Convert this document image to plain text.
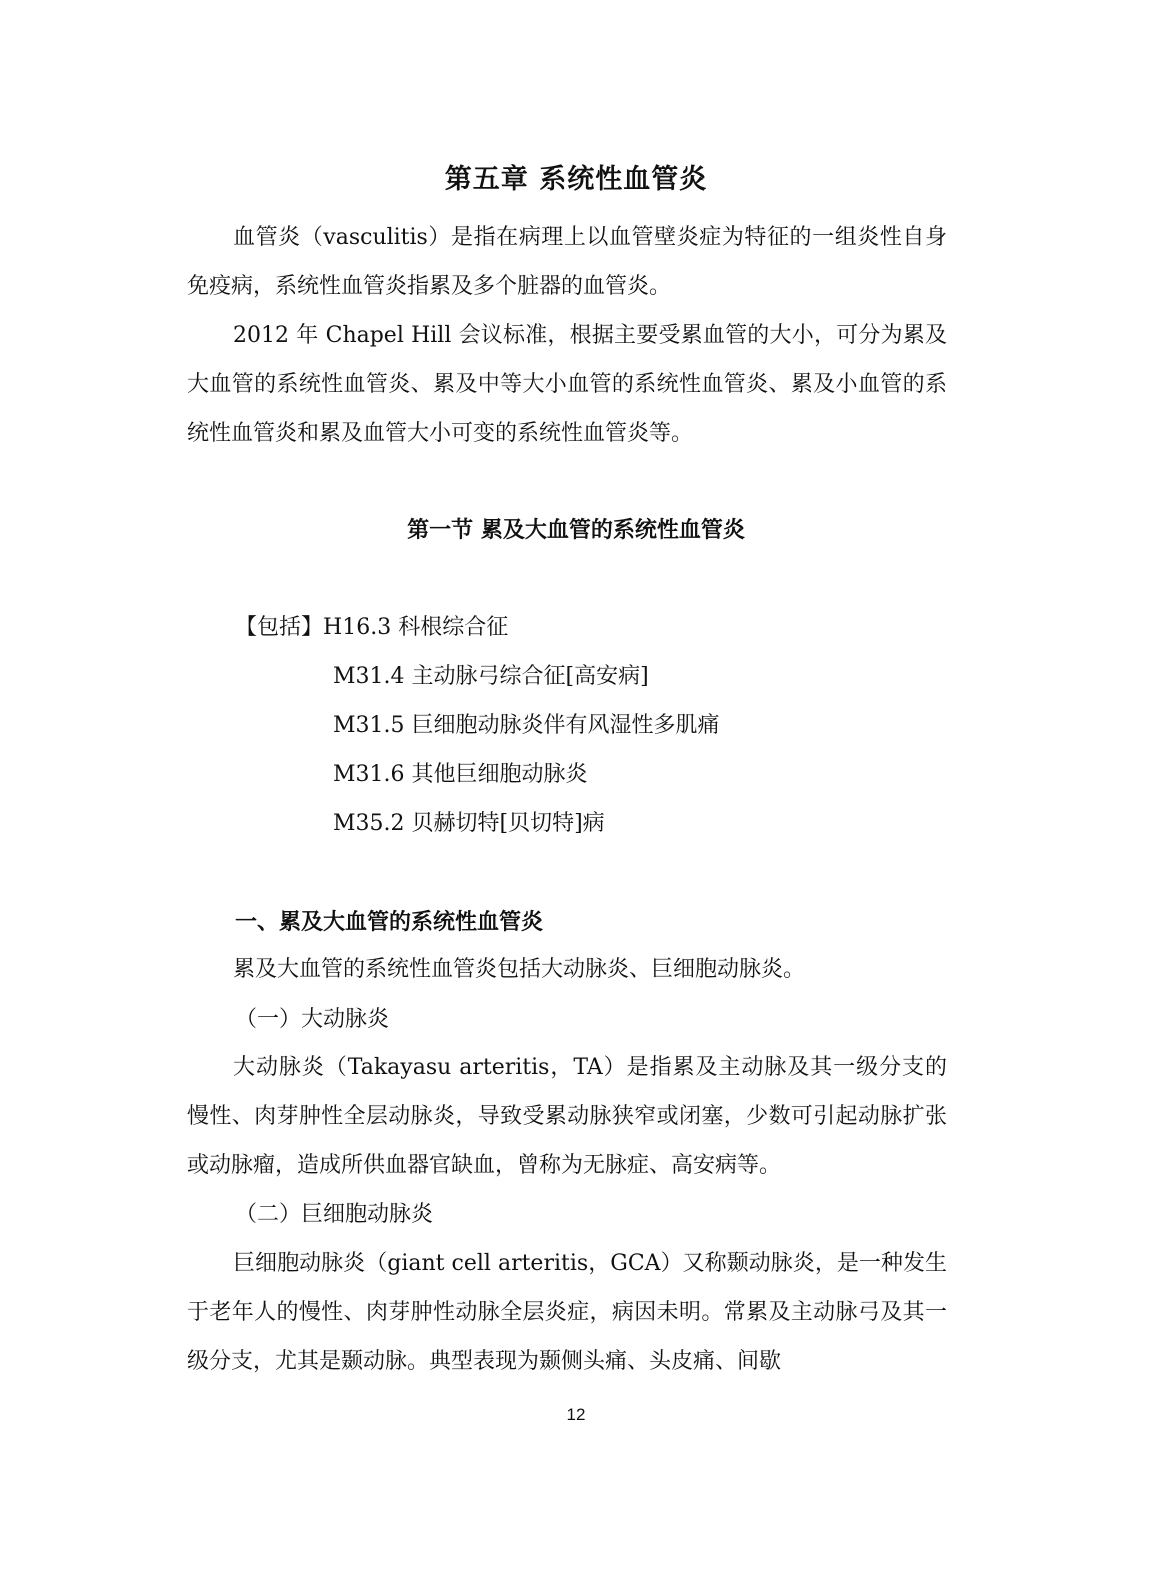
第五章 系统性血管炎

血管炎（vasculitis）是指在病理上以血管壁炎症为特征的一组炎性自身免疫病，系统性血管炎指累及多个脏器的血管炎。

2012 年 Chapel Hill 会议标准，根据主要受累血管的大小，可分为累及大血管的系统性血管炎、累及中等大小血管的系统性血管炎、累及小血管的系统性血管炎和累及血管大小可变的系统性血管炎等。

第一节 累及大血管的系统性血管炎
【包括】H16.3 科根综合征
M31.4 主动脉弓综合征[高安病]
M31.5 巨细胞动脉炎伴有风湿性多肌痛
M31.6 其他巨细胞动脉炎
M35.2 贝赫切特[贝切特]病
一、累及大血管的系统性血管炎

累及大血管的系统性血管炎包括大动脉炎、巨细胞动脉炎。

（一）大动脉炎

大动脉炎（Takayasu arteritis，TA）是指累及主动脉及其一级分支的慢性、肉芽肿性全层动脉炎，导致受累动脉狭窄或闭塞，少数可引起动脉扩张或动脉瘤，造成所供血器官缺血，曾称为无脉症、高安病等。

（二）巨细胞动脉炎

巨细胞动脉炎（giant cell arteritis，GCA）又称颞动脉炎，是一种发生于老年人的慢性、肉芽肿性动脉全层炎症，病因未明。常累及主动脉弓及其一级分支，尤其是颞动脉。典型表现为颞侧头痛、头皮痛、间歇

12
